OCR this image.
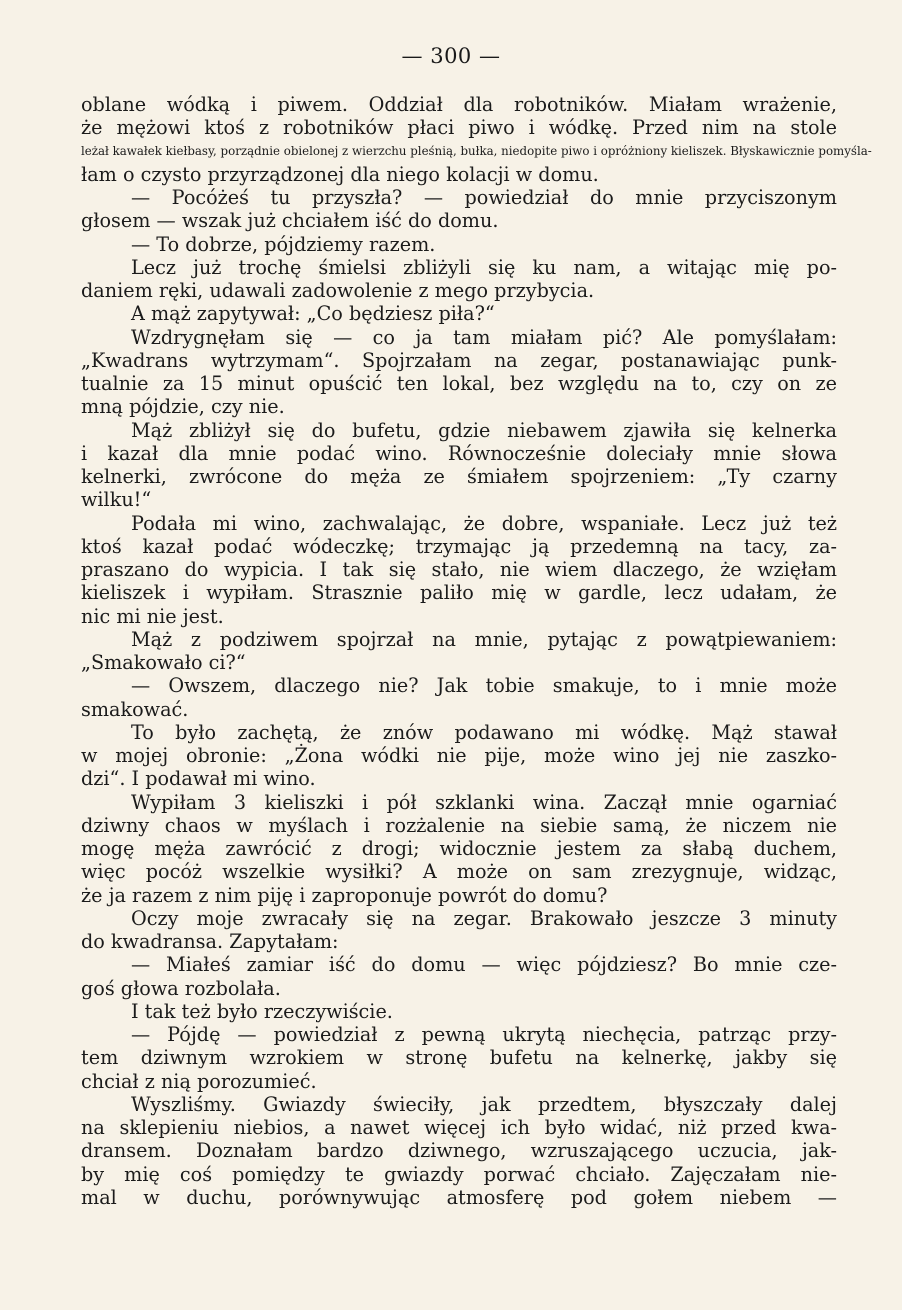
— 300 —
oblane wódką i piwem. Oddział dla robotników. Miałam wrażenie,
że mężowi ktoś z robotników płaci piwo i wódkę. Przed nim na stole
leżał kawałek kiełbasy, porządnie obielonej z wierzchu pleśnią, bułka, niedopite piwo i opróżniony kieliszek. Błyskawicznie pomyśla-
łam o czysto przyrządzonej dla niego kolacji w domu.
— Pocóżeś tu przyszła? — powiedział do mnie przyciszonym
głosem — wszak już chciałem iść do domu.
— To dobrze, pójdziemy razem.
Lecz już trochę śmielsi zbliżyli się ku nam, a witając mię po-
daniem ręki, udawali zadowolenie z mego przybycia.
A mąż zapytywał: „Co będziesz piła?“
Wzdrygnęłam się — co ja tam miałam pić? Ale pomyślałam:
„Kwadrans wytrzymam“. Spojrzałam na zegar, postanawiając punk-
tualnie za 15 minut opuścić ten lokal, bez względu na to, czy on ze
mną pójdzie, czy nie.
Mąż zbliżył się do bufetu, gdzie niebawem zjawiła się kelnerka
i kazał dla mnie podać wino. Równocześnie doleciały mnie słowa
kelnerki, zwrócone do męża ze śmiałem spojrzeniem: „Ty czarny
wilku!“
Podała mi wino, zachwalając, że dobre, wspaniałe. Lecz już też
ktoś kazał podać wódeczkę; trzymając ją przedemną na tacy, za-
praszano do wypicia. I tak się stało, nie wiem dlaczego, że wzięłam
kieliszek i wypiłam. Strasznie paliło mię w gardle, lecz udałam, że
nic mi nie jest.
Mąż z podziwem spojrzał na mnie, pytając z powątpiewaniem:
„Smakowało ci?“
— Owszem, dlaczego nie? Jak tobie smakuje, to i mnie może
smakować.
To było zachętą, że znów podawano mi wódkę. Mąż stawał
w mojej obronie: „Żona wódki nie pije, może wino jej nie zaszko-
dzi“. I podawał mi wino.
Wypiłam 3 kieliszki i pół szklanki wina. Zaczął mnie ogarniać
dziwny chaos w myślach i rozżalenie na siebie samą, że niczem nie
mogę męża zawrócić z drogi; widocznie jestem za słabą duchem,
więc pocóż wszelkie wysiłki? A może on sam zrezygnuje, widząc,
że ja razem z nim piję i zaproponuje powrót do domu?
Oczy moje zwracały się na zegar. Brakowało jeszcze 3 minuty
do kwadransa. Zapytałam:
— Miałeś zamiar iść do domu — więc pójdziesz? Bo mnie cze-
goś głowa rozbolała.
I tak też było rzeczywiście.
— Pójdę — powiedział z pewną ukrytą niechęcia, patrząc przy-
tem dziwnym wzrokiem w stronę bufetu na kelnerkę, jakby się
chciał z nią porozumieć.
Wyszliśmy. Gwiazdy świeciły, jak przedtem, błyszczały dalej
na sklepieniu niebios, a nawet więcej ich było widać, niż przed kwa-
dransem. Doznałam bardzo dziwnego, wzruszającego uczucia, jak-
by mię coś pomiędzy te gwiazdy porwać chciało. Zajęczałam nie-
mal w duchu, porównywując atmosferę pod gołem niebem —
